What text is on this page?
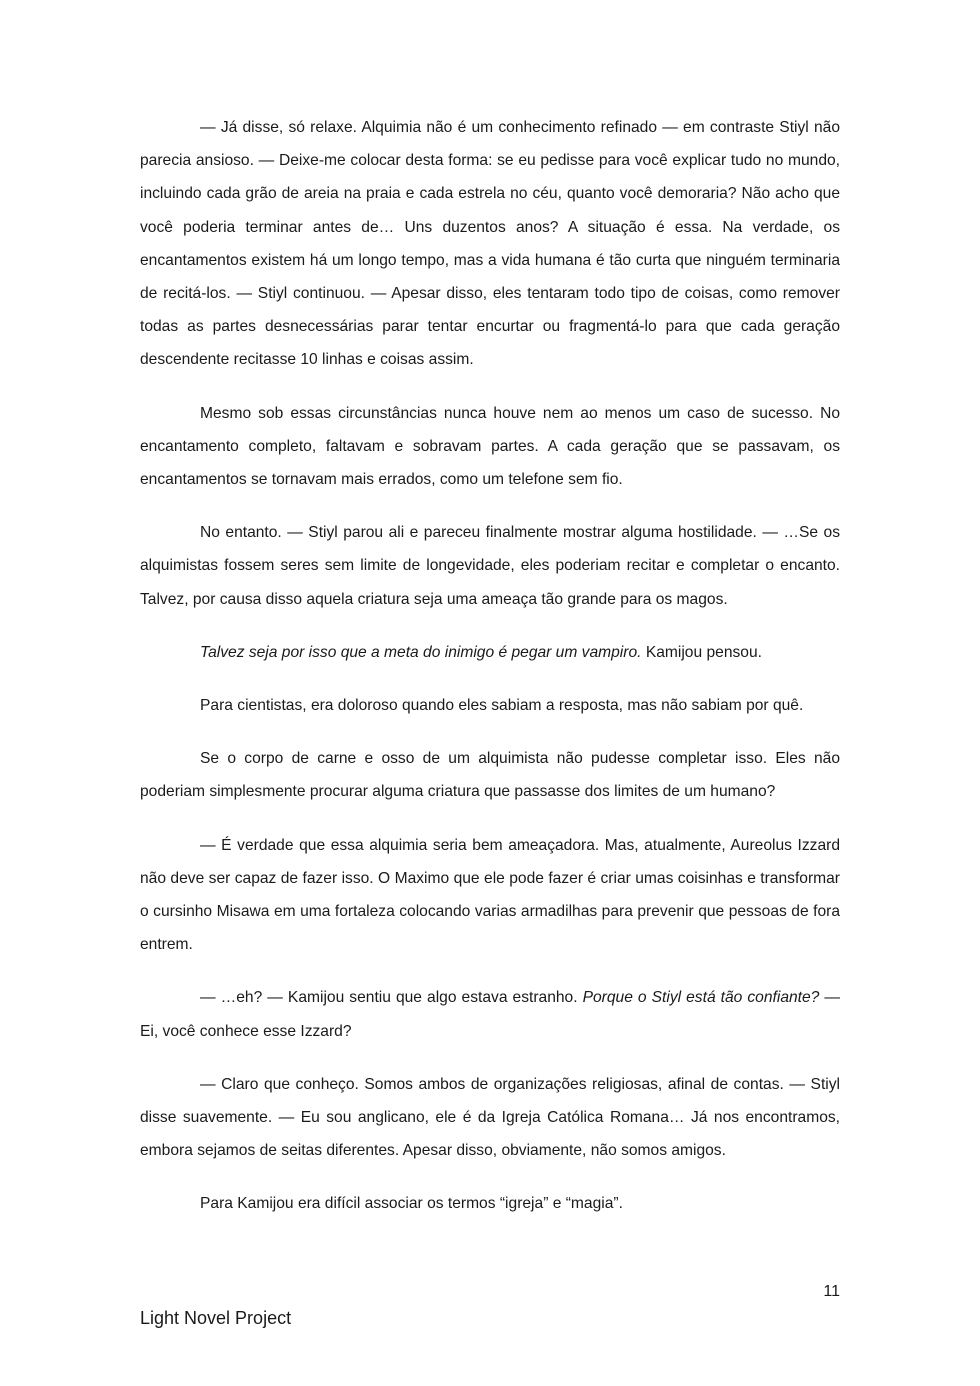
— Já disse, só relaxe. Alquimia não é um conhecimento refinado — em contraste Stiyl não parecia ansioso. — Deixe-me colocar desta forma: se eu pedisse para você explicar tudo no mundo, incluindo cada grão de areia na praia e cada estrela no céu, quanto você demoraria? Não acho que você poderia terminar antes de… Uns duzentos anos? A situação é essa. Na verdade, os encantamentos existem há um longo tempo, mas a vida humana é tão curta que ninguém terminaria de recitá-los. — Stiyl continuou. — Apesar disso, eles tentaram todo tipo de coisas, como remover todas as partes desnecessárias parar tentar encurtar ou fragmentá-lo para que cada geração descendente recitasse 10 linhas e coisas assim.

Mesmo sob essas circunstâncias nunca houve nem ao menos um caso de sucesso. No encantamento completo, faltavam e sobravam partes. A cada geração que se passavam, os encantamentos se tornavam mais errados, como um telefone sem fio.

No entanto. — Stiyl parou ali e pareceu finalmente mostrar alguma hostilidade. — …Se os alquimistas fossem seres sem limite de longevidade, eles poderiam recitar e completar o encanto. Talvez, por causa disso aquela criatura seja uma ameaça tão grande para os magos.

Talvez seja por isso que a meta do inimigo é pegar um vampiro. Kamijou pensou.

Para cientistas, era doloroso quando eles sabiam a resposta, mas não sabiam por quê.

Se o corpo de carne e osso de um alquimista não pudesse completar isso. Eles não poderiam simplesmente procurar alguma criatura que passasse dos limites de um humano?

— É verdade que essa alquimia seria bem ameaçadora. Mas, atualmente, Aureolus Izzard não deve ser capaz de fazer isso. O Maximo que ele pode fazer é criar umas coisinhas e transformar o cursinho Misawa em uma fortaleza colocando varias armadilhas para prevenir que pessoas de fora entrem.

— …eh? — Kamijou sentiu que algo estava estranho. Porque o Stiyl está tão confiante? — Ei, você conhece esse Izzard?

— Claro que conheço. Somos ambos de organizações religiosas, afinal de contas. — Stiyl disse suavemente. — Eu sou anglicano, ele é da Igreja Católica Romana… Já nos encontramos, embora sejamos de seitas diferentes. Apesar disso, obviamente, não somos amigos.

Para Kamijou era difícil associar os termos “igreja” e “magia”.

11
Light Novel Project
